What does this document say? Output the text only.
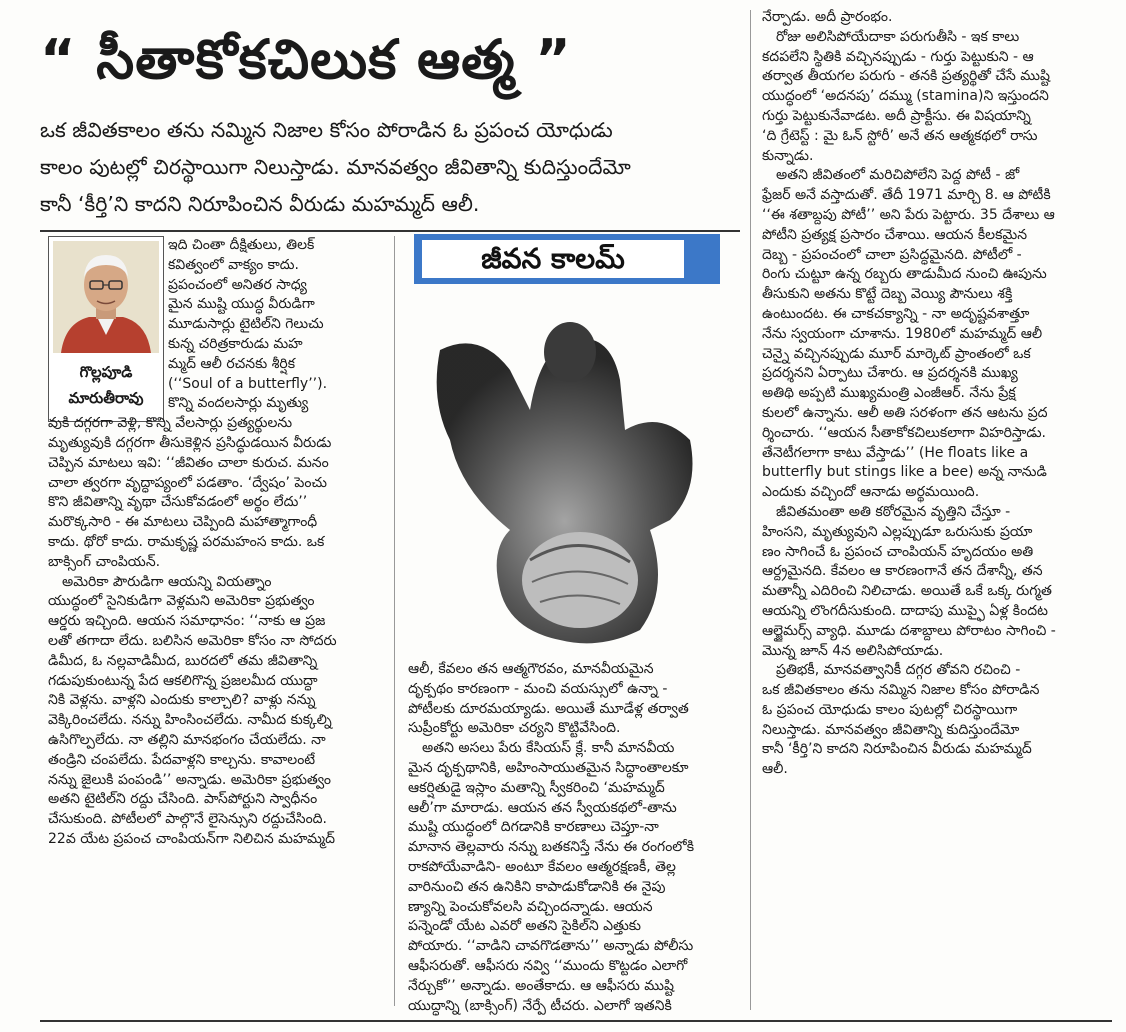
“ సీతాకోకచిలుక ఆత్మ ”
ఒక జీవితకాలం తను నమ్మిన నిజాల కోసం పోరాడిన ఓ ప్రపంచ యోధుడు
కాలం పుటల్లో చిరస్థాయిగా నిలుస్తాడు. మానవత్వం జీవితాన్ని కుదిస్తుందేమో
కానీ ‘కీర్తి’ని కాదని నిరూపించిన వీరుడు మహమ్మద్ ఆలీ.
గొల్లపూడి
మారుతీరావు
ఇది చింతా దీక్షితులు, తిలక్
కవిత్వంలో వాక్యం కాదు.
ప్రపంచంలో అనితర సాధ్య
మైన ముష్టి యుద్ధ వీరుడిగా
మూడుసార్లు టైటిల్‌ని గెలుచు
కున్న చరిత్రకారుడు మహ
మ్మద్ ఆలీ రచనకు శీర్షిక
(‘‘Soul of a butterfly’’).
కొన్ని వందలసార్లు మృత్యు
వుకి దగ్గరగా వెళ్లి, కొన్ని వేలసార్లు ప్రత్యర్థులను
మృత్యువుకి దగ్గరగా తీసుకెళ్లిన ప్రసిద్ధుడయిన వీరుడు
చెప్పిన మాటలు ఇవి: ‘‘జీవితం చాలా కురుచ. మనం
చాలా త్వరగా వృద్ధాప్యంలో పడతాం. ‘ద్వేషం’ పెంచు
కొని జీవితాన్ని వృథా చేసుకోవడంలో అర్థం లేదు’’
మరొక్కసారి - ఈ మాటలు చెప్పింది మహాత్మాగాంధీ
కాదు. థోరో కాదు. రామకృష్ణ పరమహంస కాదు. ఒక
బాక్సింగ్ చాంపియన్.
అమెరికా పౌరుడిగా ఆయన్ని వియత్నాం
యుద్ధంలో సైనికుడిగా వెళ్లమని అమెరికా ప్రభుత్వం
ఆర్డరు ఇచ్చింది. ఆయన సమాధానం: ‘‘నాకు ఆ ప్రజ
లతో తగాదా లేదు. బలిసిన అమెరికా కోసం నా సోదరు
డిమీద, ఓ నల్లవాడిమీద, బురదలో తమ జీవితాన్ని
గడుపుకుంటున్న పేద ఆకలిగొన్న ప్రజలమీద యుద్ధా
నికి వెళ్లను. వాళ్లని ఎందుకు కాల్చాలి? వాళ్లు నన్ను
వెక్కిరించలేదు. నన్ను హింసించలేదు. నామీద కుక్కల్ని
ఉసిగొల్పలేదు. నా తల్లిని మానభంగం చేయలేదు. నా
తండ్రిని చంపలేదు. పేదవాళ్లని కాల్చను. కావాలంటే
నన్ను జైలుకి పంపండి’’ అన్నాడు. అమెరికా ప్రభుత్వం
అతని టైటిల్‌ని రద్దు చేసింది. పాస్‌పోర్టుని స్వాధీనం
చేసుకుంది. పోటీలలో పాల్గొనే లైసెన్సుని రద్దుచేసింది.
22వ యేట ప్రపంచ చాంపియన్‌గా నిలిచిన మహమ్మద్
జీవన కాలమ్
ఆలీ, కేవలం తన ఆత్మగౌరవం, మానవీయమైన
దృక్పథం కారణంగా - మంచి వయస్సులో ఉన్నా -
పోటీలకు దూరమయ్యాడు. అయితే మూడేళ్ల తర్వాత
సుప్రీంకోర్టు అమెరికా చర్యని కొట్టివేసింది.
అతని అసలు పేరు కేసియస్ క్లే. కానీ మానవీయ
మైన దృక్పథానికి, అహింసాయుతమైన సిద్ధాంతాలకూ
ఆకర్షితుడై ఇస్లాం మతాన్ని స్వీకరించి ‘మహమ్మద్
ఆలీ’గా మారాడు. ఆయన తన స్వీయకథలో-తాను
ముష్టి యుద్ధంలో దిగడానికి కారణాలు చెప్తూ-నా
మానాన తెల్లవారు నన్ను బతకనిస్తే నేను ఈ రంగంలోకి
రాకపోయేవాడిని- అంటూ కేవలం ఆత్మరక్షణకీ, తెల్ల
వారినుంచి తన ఉనికిని కాపాడుకోడానికి ఈ నైపు
ణ్యాన్ని పెంచుకోవలసి వచ్చిందన్నాడు. ఆయన
పన్నెండో యేట ఎవరో అతని సైకిల్‌ని ఎత్తుకు
పోయారు. ‘‘వాడిని చావగొడతాను’’ అన్నాడు పోలీసు
ఆఫీసరుతో. ఆఫీసరు నవ్వి ‘‘ముందు కొట్టడం ఎలాగో
నేర్చుకో’’ అన్నాడు. అంతేకాదు. ఆ ఆఫీసరు ముష్టి
యుద్ధాన్ని (బాక్సింగ్) నేర్పే టీచరు. ఎలాగో ఇతనికి
నేర్పాడు. అదీ ప్రారంభం.
రోజు అలిసిపోయేదాకా పరుగుతీసి - ఇక కాలు
కదపలేని స్థితికి వచ్చినప్పుడు - గుర్తు పెట్టుకుని - ఆ
తర్వాత తీయగల పరుగు - తనకి ప్రత్యర్థితో చేసే ముష్టి
యుద్ధంలో ‘అదనపు’ దమ్ము (stamina)ని ఇస్తుందని
గుర్తు పెట్టుకునేవాడట. అదీ ప్రాక్టీసు. ఈ విషయాన్ని
‘ది గ్రేటెస్ట్ : మై ఓన్ స్టోరీ’ అనే తన ఆత్మకథలో రాసు
కున్నాడు.
అతని జీవితంలో మరిచిపోలేని పెద్ద పోటీ - జో
ఫ్రేజర్ అనే వస్తాదుతో. తేదీ 1971 మార్చి 8. ఆ పోటీకి
‘‘ఈ శతాబ్దపు పోటీ’’ అని పేరు పెట్టారు. 35 దేశాలు ఆ
పోటీని ప్రత్యక్ష ప్రసారం చేశాయి. ఆయన కీలకమైన
దెబ్బ - ప్రపంచంలో చాలా ప్రసిద్ధమైనది. పోటీలో -
రింగు చుట్టూ ఉన్న రబ్బరు తాడుమీద నుంచి ఊపును
తీసుకుని అతను కొట్టే దెబ్బ వెయ్యి పౌనులు శక్తి
ఉంటుందట. ఈ చాకచక్యాన్ని - నా అదృష్టవశాత్తూ
నేను స్వయంగా చూశాను. 1980లో మహమ్మద్ ఆలీ
చెన్నై వచ్చినప్పుడు మూర్ మార్కెట్ ప్రాంతంలో ఒక
ప్రదర్శనని ఏర్పాటు చేశారు. ఆ ప్రదర్శనకి ముఖ్య
అతిథి అప్పటి ముఖ్యమంత్రి ఎంజీఆర్. నేను ప్రేక్ష
కులలో ఉన్నాను. ఆలీ అతి సరళంగా తన ఆటను ప్రద
ర్శించారు. ‘‘ఆయన సీతాకోకచిలుకలాగా విహరిస్తాడు.
తేనెటీగలాగా కాటు వేస్తాడు’’ (He floats like a
butterfly but stings like a bee) అన్న నానుడి
ఎందుకు వచ్చిందో ఆనాడు అర్థమయింది.
జీవితమంతా అతి కఠోరమైన వృత్తిని చేస్తూ -
హింసని, మృత్యువుని ఎల్లప్పుడూ ఒరుసుకు ప్రయా
ణం సాగించే ఓ ప్రపంచ చాంపియన్ హృదయం అతి
ఆర్ద్రమైనది. కేవలం ఆ కారణంగానే తన దేశాన్నీ, తన
మతాన్నీ ఎదిరించి నిలిచాడు. అయితే ఒకే ఒక్క రుగ్మత
ఆయన్ని లొంగదీసుకుంది. దాదాపు ముప్ఫై ఏళ్ల కిందట
ఆల్జైమర్స్ వ్యాధి. మూడు దశాబ్దాలు పోరాటం సాగించి -
మొన్న జూన్ 4న అలిసిపోయాడు.
ప్రతిభకీ, మానవత్వానికీ దగ్గర తోవని రచించి -
ఒక జీవితకాలం తను నమ్మిన నిజాల కోసం పోరాడిన
ఓ ప్రపంచ యోధుడు కాలం పుటల్లో చిరస్థాయిగా
నిలుస్తాడు. మానవత్వం జీవితాన్ని కుదిస్తుందేమో
కానీ ‘కీర్తి’ని కాదని నిరూపించిన వీరుడు మహమ్మద్
ఆలీ.
